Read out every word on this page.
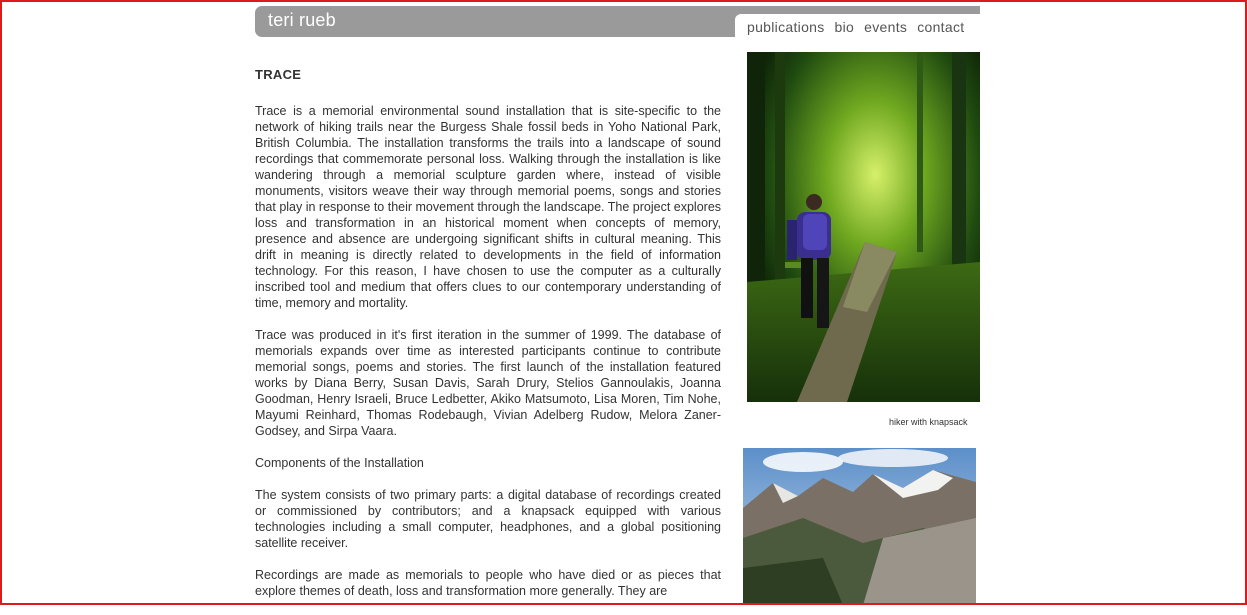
teri rueb	publications bio events contact
TRACE

Trace is a memorial environmental sound installation that is site-specific to the network of hiking trails near the Burgess Shale fossil beds in Yoho National Park, British Columbia. The installation transforms the trails into a landscape of sound recordings that commemorate personal loss. Walking through the installation is like wandering through a memorial sculpture garden where, instead of visible monuments, visitors weave their way through memorial poems, songs and stories that play in response to their movement through the landscape. The project explores loss and transformation in an historical moment when concepts of memory, presence and absence are undergoing significant shifts in cultural meaning. This drift in meaning is directly related to developments in the field of information technology. For this reason, I have chosen to use the computer as a culturally inscribed tool and medium that offers clues to our contemporary understanding of time, memory and mortality.

Trace was produced in it's first iteration in the summer of 1999. The database of memorials expands over time as interested participants continue to contribute memorial songs, poems and stories. The first launch of the installation featured works by Diana Berry, Susan Davis, Sarah Drury, Stelios Gannoulakis, Joanna Goodman, Henry Israeli, Bruce Ledbetter, Akiko Matsumoto, Lisa Moren, Tim Nohe, Mayumi Reinhard, Thomas Rodebaugh, Vivian Adelberg Rudow, Melora Zaner-Godsey, and Sirpa Vaara.

Components of the Installation

The system consists of two primary parts: a digital database of recordings created or commissioned by contributors; and a knapsack equipped with various technologies including a small computer, headphones, and a global positioning satellite receiver.

Recordings are made as memorials to people who have died or as pieces that explore themes of death, loss and transformation more generally. They are

hiker with knapsack
